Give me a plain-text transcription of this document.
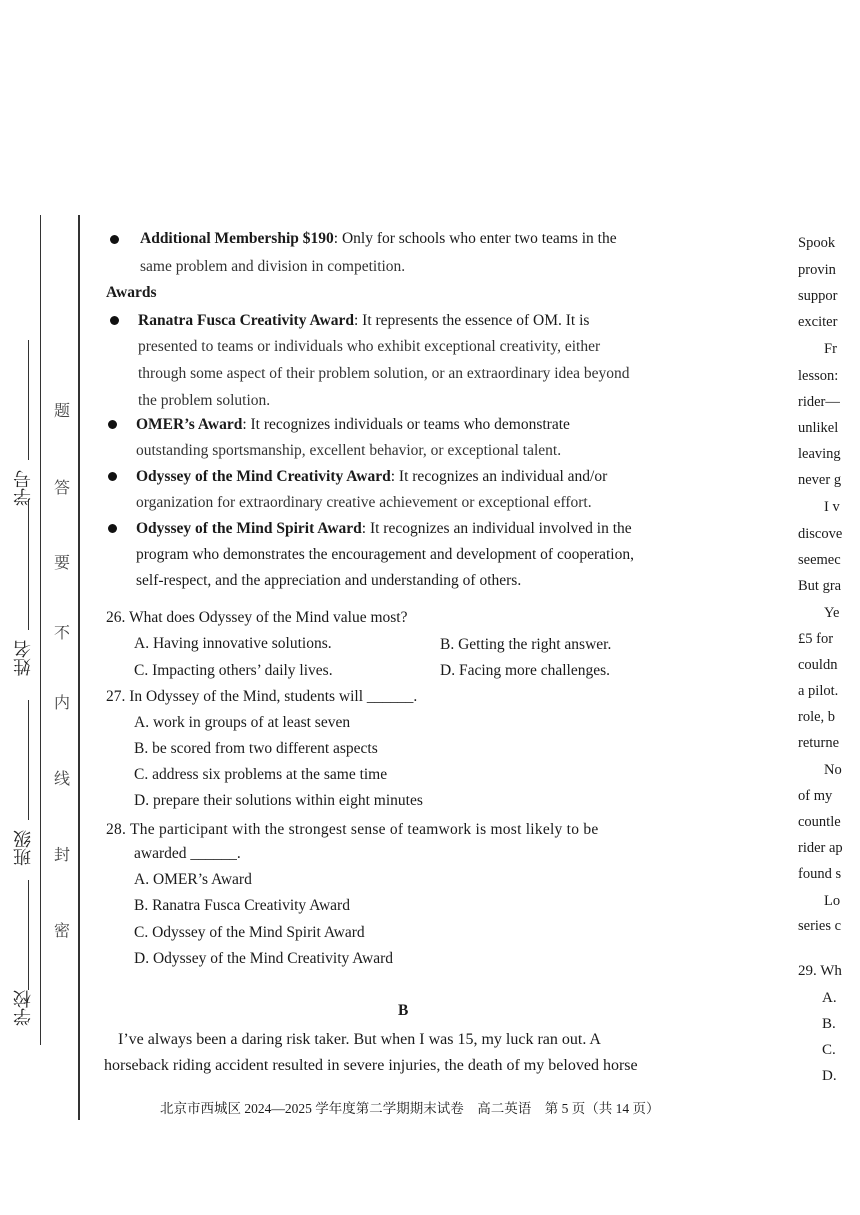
学校
班级
姓名
学号
密
封
线
内
不
要
答
题
Additional Membership $190: Only for schools who enter two teams in the
same problem and division in competition.
Awards
Ranatra Fusca Creativity Award: It represents the essence of OM. It is
presented to teams or individuals who exhibit exceptional creativity, either
through some aspect of their problem solution, or an extraordinary idea beyond
the problem solution.
OMER’s Award: It recognizes individuals or teams who demonstrate
outstanding sportsmanship, excellent behavior, or exceptional talent.
Odyssey of the Mind Creativity Award: It recognizes an individual and/or
organization for extraordinary creative achievement or exceptional effort.
Odyssey of the Mind Spirit Award: It recognizes an individual involved in the
program who demonstrates the encouragement and development of cooperation,
self-respect, and the appreciation and understanding of others.
26. What does Odyssey of the Mind value most?
A. Having innovative solutions.	B. Getting the right answer.
C. Impacting others’ daily lives.	D. Facing more challenges.
27. In Odyssey of the Mind, students will ______.
A. work in groups of at least seven
B. be scored from two different aspects
C. address six problems at the same time
D. prepare their solutions within eight minutes
28. The participant with the strongest sense of teamwork is most likely to be
awarded ______.
A. OMER’s Award
B. Ranatra Fusca Creativity Award
C. Odyssey of the Mind Spirit Award
D. Odyssey of the Mind Creativity Award
B
I’ve always been a daring risk taker. But when I was 15, my luck ran out. A
horseback riding accident resulted in severe injuries, the death of my beloved horse
北京市西城区 2024—2025 学年度第二学期期末试卷　高二英语　第 5 页（共 14 页）
Spook
provin
suppor
exciter
Fr
lesson:
rider—
unlikel
leaving
never g
I v
discove
seemec
But gra
Ye
£5 for
couldn
a pilot.
role, b
returne
No
of my
countle
rider ap
found s
Lo
series c
29. Wh
A.
B.
C.
D.
